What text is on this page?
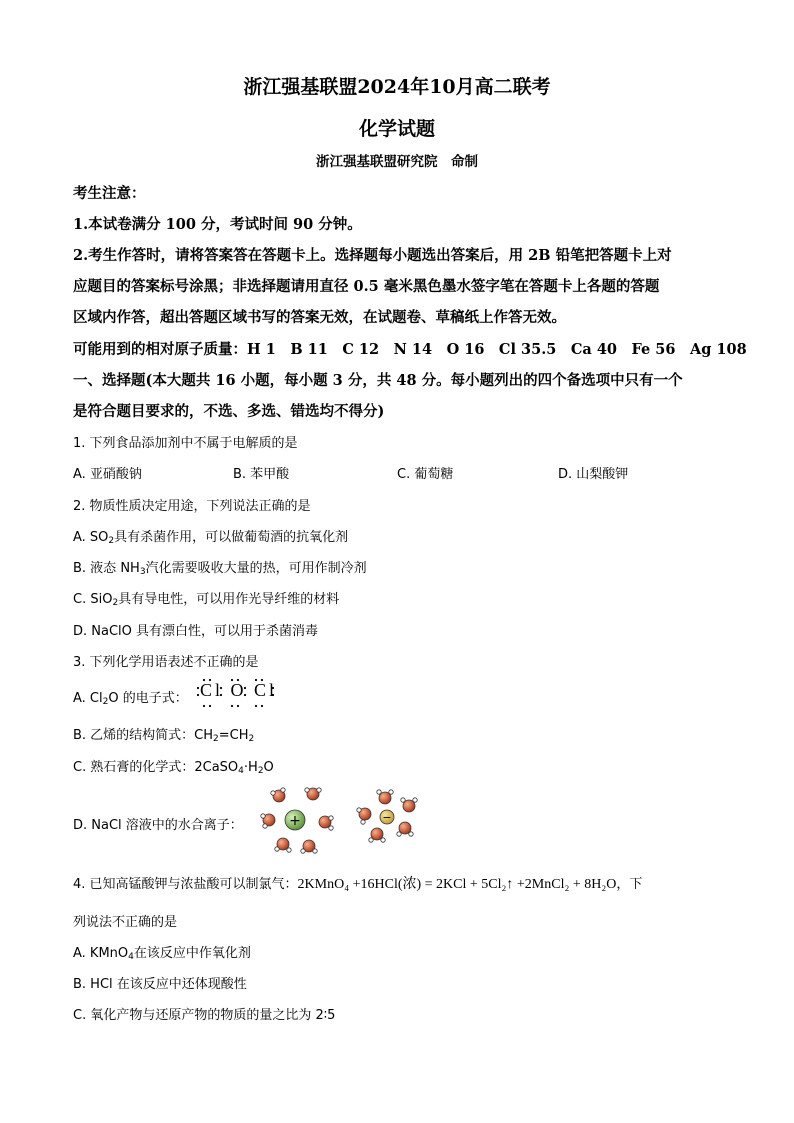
浙江强基联盟2024年10月高二联考
化学试题
浙江强基联盟研究院　命制
考生注意：
1.本试卷满分 100 分，考试时间 90 分钟。
2.考生作答时，请将答案答在答题卡上。选择题每小题选出答案后，用 2B 铅笔把答题卡上对
应题目的答案标号涂黑；非选择题请用直径 0.5 毫米黑色墨水签字笔在答题卡上各题的答题
区域内作答，超出答题区域书写的答案无效，在试题卷、草稿纸上作答无效。
可能用到的相对原子质量：H 1　B 11　C 12　N 14　O 16　Cl 35.5　Ca 40　Fe 56　Ag 108
一、选择题(本大题共 16 小题，每小题 3 分，共 48 分。每小题列出的四个备选项中只有一个
是符合题目要求的，不选、多选、错选均不得分)
1. 下列食品添加剂中不属于电解质的是
A. 亚硝酸钠	B. 苯甲酸	C. 葡萄糖	D. 山梨酸钾
2. 物质性质决定用途，下列说法正确的是
A. $SO_2$具有杀菌作用，可以做葡萄酒的抗氧化剂
B. 液态 $NH_3$汽化需要吸收大量的热，可用作制冷剂
C. SiO$_2$具有导电性，可以用作光导纤维的材料
D. NaClO 具有漂白性，可以用于杀菌消毒
3. 下列化学用语表述不正确的是
A. $Cl_2O$ 的电子式： Cl O Cl
B. 乙烯的结构简式：$CH_2=CH_2$
C. 熟石膏的化学式：$2CaSO_4\cdot H_2O$
D. NaCl 溶液中的水合离子：	+	−
4. 已知高锰酸钾与浓盐酸可以制氯气：2KMnO₄ +16HCl(浓) = 2KCl + 5Cl₂↑ +2MnCl₂ + 8H₂O，下
列说法不正确的是
A. KMnO$_4$在该反应中作氧化剂
B. HCl 在该反应中还体现酸性
C. 氧化产物与还原产物的物质的量之比为 2∶5
